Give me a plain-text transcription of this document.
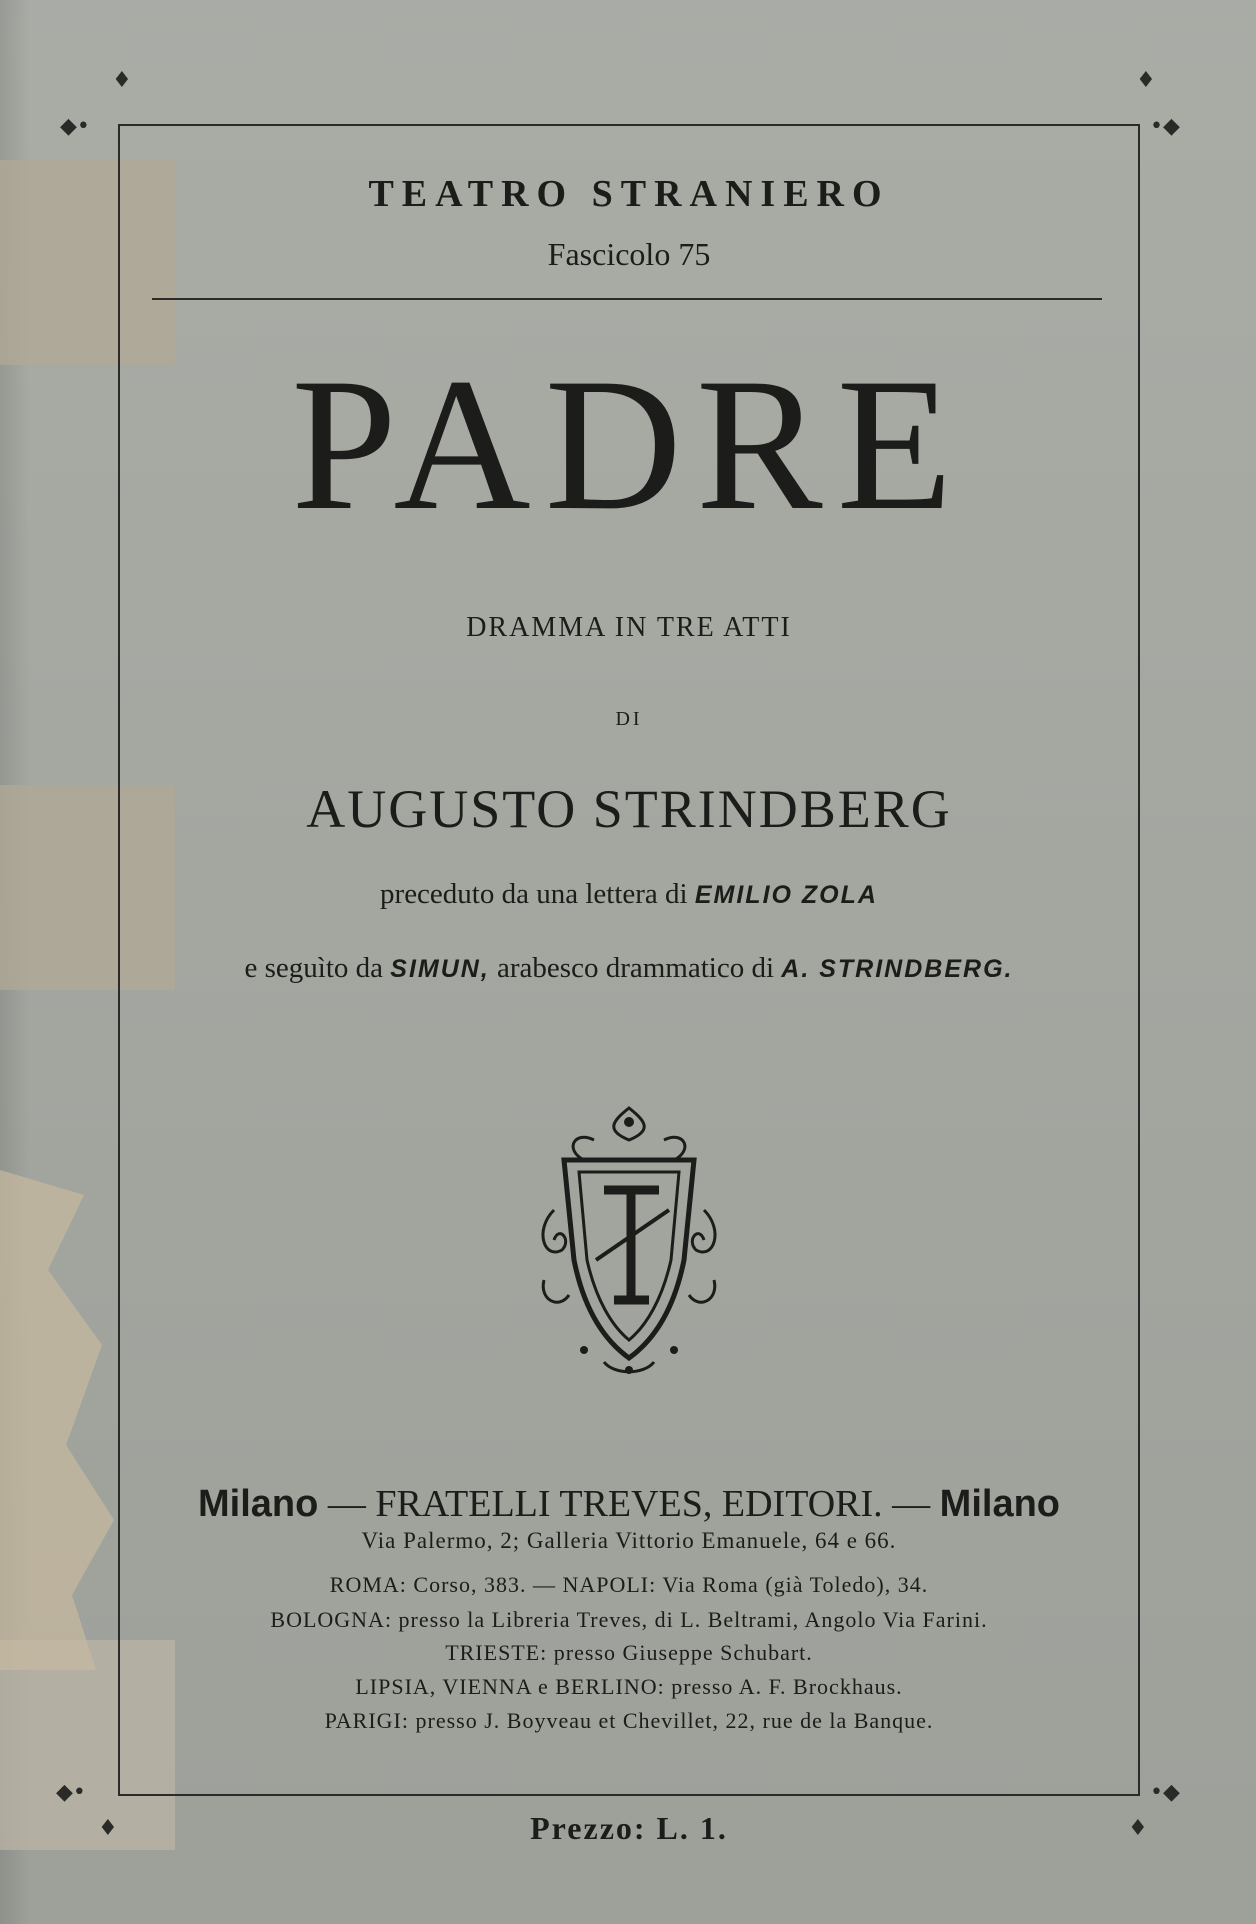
♦	♦
•◆
◆•
•◆
◆•
♦	♦
TEATRO STRANIERO
Fascicolo 75
PADRE
DRAMMA IN TRE ATTI
DI
AUGUSTO STRINDBERG
preceduto da una lettera di EMILIO ZOLA
e seguìto da SIMUN, arabesco drammatico di A. STRINDBERG.
Milano — FRATELLI TREVES, EDITORI. — Milano
Via Palermo, 2; Galleria Vittorio Emanuele, 64 e 66.
ROMA: Corso, 383. — NAPOLI: Via Roma (già Toledo), 34.
BOLOGNA: presso la Libreria Treves, di L. Beltrami, Angolo Via Farini.
TRIESTE: presso Giuseppe Schubart.
LIPSIA, VIENNA e BERLINO: presso A. F. Brockhaus.
PARIGI: presso J. Boyveau et Chevillet, 22, rue de la Banque.
Prezzo: L. 1.
